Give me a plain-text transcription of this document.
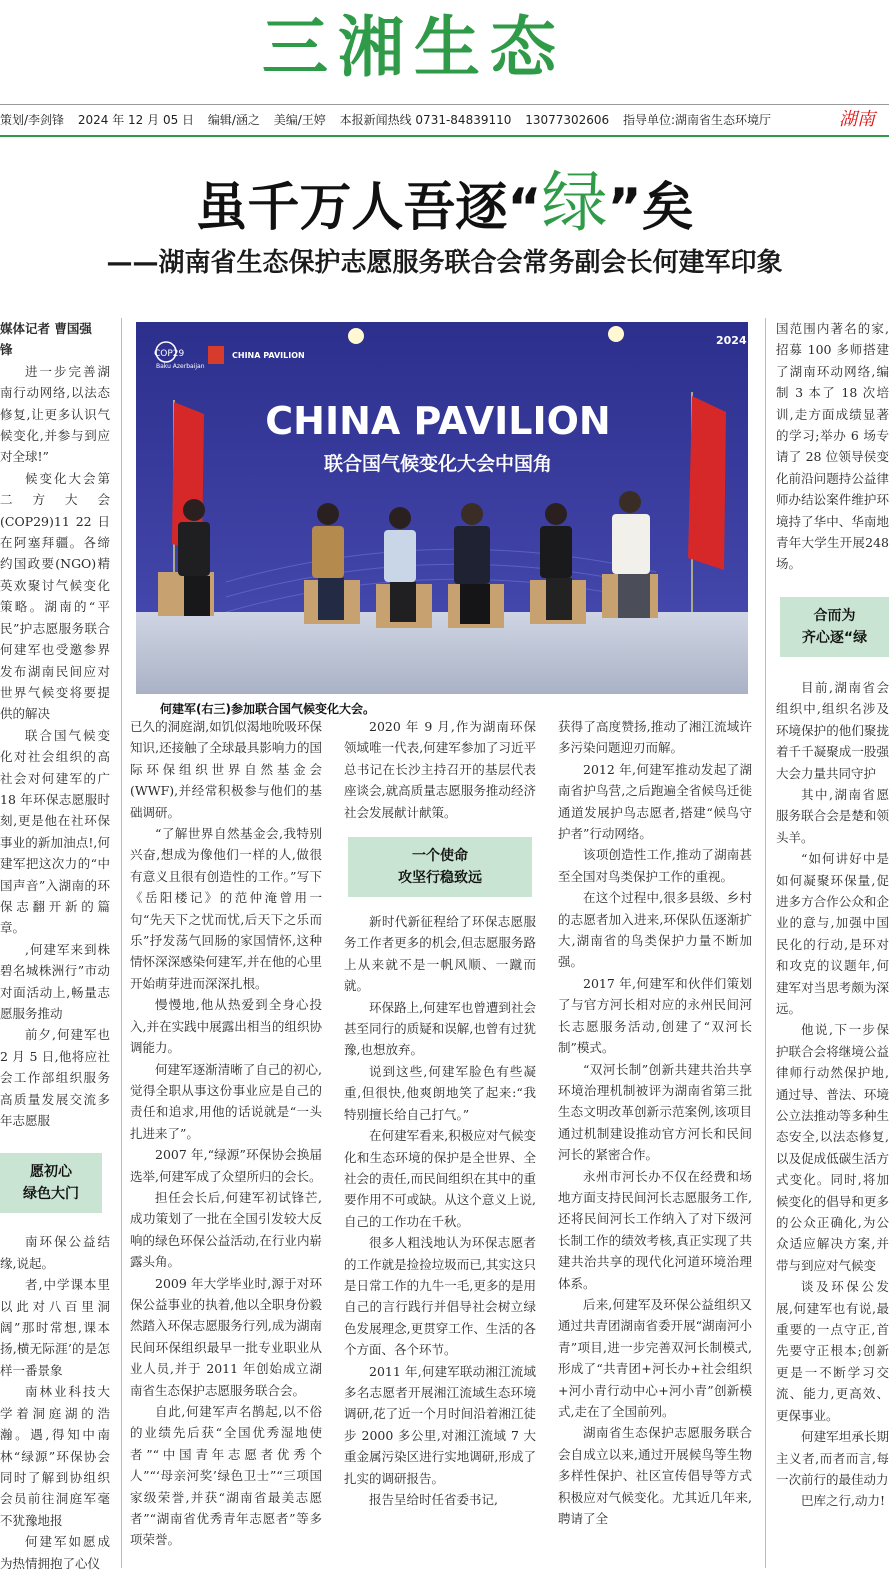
三湘生态
策划/李剑锋 2024 年 12 月 05 日 编辑/涵之 美编/王婷 本报新闻热线 0731-84839110 13077302606 指导单位:湖南省生态环境厅	湖南
虽千万人吾逐“绿”矣
——湖南省生态保护志愿服务联合会常务副会长何建军印象
COP29
Baku Azerbaijan
CHINA PAVILION
2024
CHINA PAVILION
联合国气候变化大会中国角
何建军(右三)参加联合国气候变化大会。

媒体记者 曹国强

锋

进一步完善湖南行动网络,以法态修复,让更多认识气候变化,并参与到应对全球!”

候变化大会第二方大会(COP29)11 22 日在阿塞拜疆。各缔约国政要(NGO)精英欢聚讨气候变化策略。湖南的“平民”护志愿服务联合何建军也受邀参界发布湖南民间应对世界气候变将要提供的解决

联合国气候变化对社会组织的高社会对何建军的广18 年环保志愿服时刻,更是他在社环保事业的新加油点!,何建军把这次力的“中国声音”入湖南的环保志翻开新的篇章。

,何建军来到株碧名城株洲行”市动对面活动上,畅量志愿服务推动

前夕,何建军也2 月 5 日,他将应社会工作部组织服务高质量发展交流多年志愿服

愿初心
绿色大门

南环保公益结缘,说起。

者,中学课本里以此对八百里洞阔”那时常想,课本扬,横无际涯’的是怎样一番景象

南林业科技大学着洞庭湖的浩瀚。遇,得知中南林“绿源”环保协会 同时了解到协组织会员前往洞庭军毫不犹豫地报

何建军如愿成为热情拥抱了心仪

已久的洞庭湖,如饥似渴地吮吸环保知识,还接触了全球最具影响力的国际环保组织世界自然基金会(WWF),并经常积极参与他们的基础调研。

“了解世界自然基金会,我特别兴奋,想成为像他们一样的人,做很有意义且很有创造性的工作。”写下《岳阳楼记》的范仲淹曾用一句“先天下之忧而忧,后天下之乐而乐”抒发荡气回肠的家国情怀,这种情怀深深感染何建军,并在他的心里开始萌芽进而深深扎根。

慢慢地,他从热爱到全身心投入,并在实践中展露出相当的组织协调能力。

何建军逐渐清晰了自己的初心,觉得全职从事这份事业应是自己的责任和追求,用他的话说就是“一头扎进来了”。

2007 年,“绿源”环保协会换届选举,何建军成了众望所归的会长。

担任会长后,何建军初试锋芒,成功策划了一批在全国引发较大反响的绿色环保公益活动,在行业内崭露头角。

2009 年大学毕业时,源于对环保公益事业的执着,他以全职身份毅然踏入环保志愿服务行列,成为湖南民间环保组织最早一批专业职业从业人员,并于 2011 年创始成立湖南省生态保护志愿服务联合会。

自此,何建军声名鹊起,以不俗的业绩先后获“全国优秀湿地使者”“中国青年志愿者优秀个人”“‘母亲河奖’绿色卫士”“三项国家级荣誉,并获“湖南省最美志愿者”“湖南省优秀青年志愿者”等多项荣誉。

2020 年 9 月,作为湖南环保领域唯一代表,何建军参加了习近平总书记在长沙主持召开的基层代表座谈会,就高质量志愿服务推动经济社会发展献计献策。

一个使命
攻坚行稳致远

新时代新征程给了环保志愿服务工作者更多的机会,但志愿服务路上从来就不是一帆风顺、一蹴而就。

环保路上,何建军也曾遭到社会甚至同行的质疑和误解,也曾有过犹豫,也想放弃。

说到这些,何建军脸色有些凝重,但很快,他爽朗地笑了起来:“我特别擅长给自己打气。”

在何建军看来,积极应对气候变化和生态环境的保护是全世界、全社会的责任,而民间组织在其中的重要作用不可或缺。从这个意义上说,自己的工作功在千秋。

很多人粗浅地认为环保志愿者的工作就是捡捡垃圾而已,其实这只是日常工作的九牛一毛,更多的是用自己的言行践行并倡导社会树立绿色发展理念,更贯穿工作、生活的各个方面、各个环节。

2011 年,何建军联动湘江流域多名志愿者开展湘江流域生态环境调研,花了近一个月时间沿着湘江徒步 2000 多公里,对湘江流域 7 大重金属污染区进行实地调研,形成了扎实的调研报告。

报告呈给时任省委书记,

获得了高度赞扬,推动了湘江流域许多污染问题迎刃而解。

2012 年,何建军推动发起了湖南省护鸟营,之后跑遍全省候鸟迁徙通道发展护鸟志愿者,搭建“候鸟守护者”行动网络。

该项创造性工作,推动了湖南甚至全国对鸟类保护工作的重视。

在这个过程中,很多县级、乡村的志愿者加入进来,环保队伍逐渐扩大,湖南省的鸟类保护力量不断加强。

2017 年,何建军和伙伴们策划了与官方河长相对应的永州民间河长志愿服务活动,创建了“双河长制”模式。

“双河长制”创新共建共治共享环境治理机制被评为湖南省第三批生态文明改革创新示范案例,该项目通过机制建设推动官方河长和民间河长的紧密合作。

永州市河长办不仅在经费和场地方面支持民间河长志愿服务工作,还将民间河长工作纳入了对下级河长制工作的绩效考核,真正实现了共建共治共享的现代化河道环境治理体系。

后来,何建军及环保公益组织又通过共青团湖南省委开展“湖南河小青”项目,进一步完善双河长制模式,形成了“共青团+河长办+社会组织+河小青行动中心+河小青”创新模式,走在了全国前列。

湖南省生态保护志愿服务联合会自成立以来,通过开展候鸟等生物多样性保护、社区宣传倡导等方式积极应对气候变化。尤其近几年来,聘请了全

国范围内著名的家,招募 100 多师搭建了湖南环动网络,编制 3 本了 18 次培训,走方面成绩显著的学习;举办 6 场专请了 28 位领导侯变化前沿问题持公益律师办结讼案件维护环境持了华中、华南地青年大学生开展248 场。

合而为
齐心逐“绿

目前,湖南省会组织中,组织名涉及环境保护的他们聚拢着千千凝聚成一股强大会力量共同守护

其中,湖南省愿服务联合会是楚和领头羊。

“如何讲好中是如何凝聚环保量,促进多方合作公众和企业的意与,加强中国民化的行动,是环对和攻克的议题年,何建军对当思考颇为深远。

他说,下一步保护联合会将继境公益律师行动然保护地,通过导、普法、环境公立法推动等多种生态安全,以法态修复,以及促成低碳生活方式变化。同时,将加候变化的倡导和更多的公众正确化,为公众适应解决方案,并带与到应对气候变

谈及环保公发展,何建军也有说,最重要的一点守正,首先要守正根本;创新更是一不断学习交流、能力,更高效、更保事业。

何建军坦承长期主义者,而者而言,每一次前行的最佳动力

巴库之行,动力!
